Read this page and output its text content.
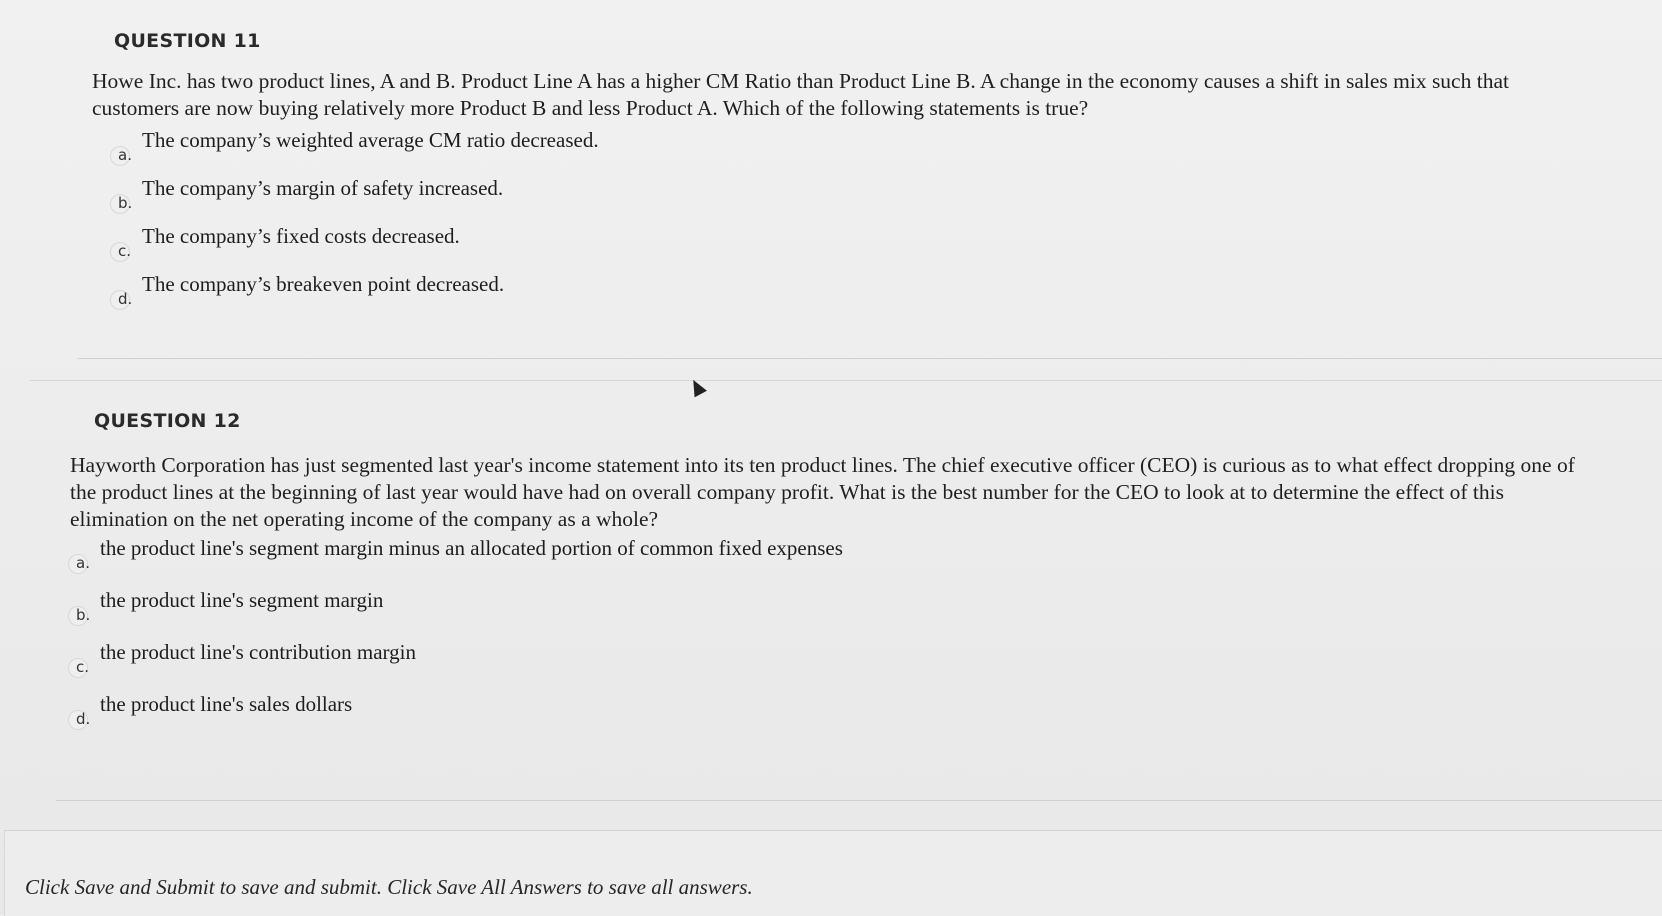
QUESTION 11

Howe Inc. has two product lines, A and B. Product Line A has a higher CM Ratio than Product Line B. A change in the economy causes a shift in sales mix such that customers are now buying relatively more Product B and less Product A. Which of the following statements is true?

a.
The company’s weighted average CM ratio decreased.
b.
The company’s margin of safety increased.
c.
The company’s fixed costs decreased.
d.
The company’s breakeven point decreased.
QUESTION 12

Hayworth Corporation has just segmented last year's income statement into its ten product lines. The chief executive officer (CEO) is curious as to what effect dropping one of the product lines at the beginning of last year would have had on overall company profit. What is the best number for the CEO to look at to determine the effect of this elimination on the net operating income of the company as a whole?

a.
the product line's segment margin minus an allocated portion of common fixed expenses
b.
the product line's segment margin
c.
the product line's contribution margin
d.
the product line's sales dollars
Click Save and Submit to save and submit. Click Save All Answers to save all answers.
